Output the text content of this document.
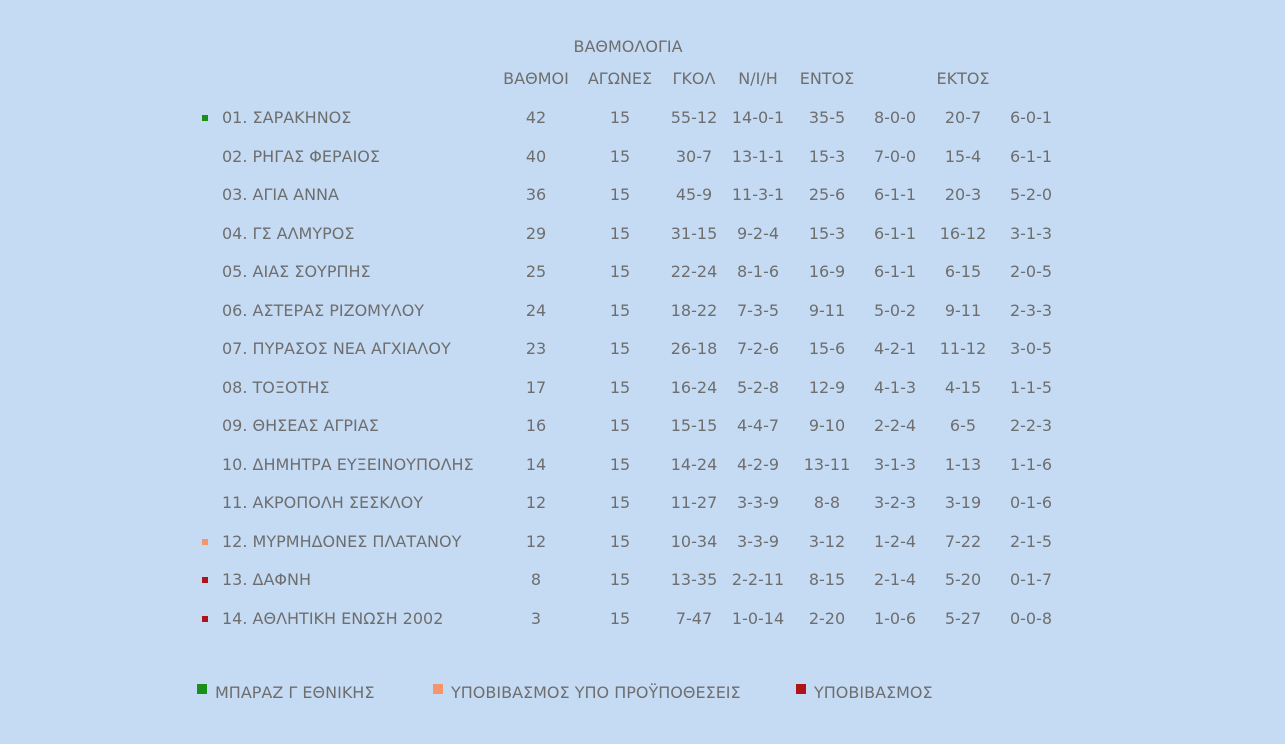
ΒΑΘΜΟΛΟΓΙΑ
ΒΑΘΜΟΙ ΑΓΩΝΕΣ ΓΚΟΛ Ν/Ι/Η ΕΝΤΟΣ	ΕΚΤΟΣ
01. ΣΑΡΑΚΗΝΟΣ	42	15	55-12 14-0-1 35-5 8-0-0 20-7 6-0-1
02. ΡΗΓΑΣ ΦΕΡΑΙΟΣ	40	15	30-7 13-1-1 15-3 7-0-0 15-4 6-1-1
03. ΑΓΙΑ ΑΝΝΑ	36	15	45-9 11-3-1 25-6 6-1-1 20-3 5-2-0
04. ΓΣ ΑΛΜΥΡΟΣ	29	15	31-15 9-2-4 15-3 6-1-1 16-12 3-1-3
05. ΑΙΑΣ ΣΟΥΡΠΗΣ	25	15	22-24 8-1-6 16-9 6-1-1 6-15 2-0-5
06. ΑΣΤΕΡΑΣ ΡΙΖΟΜΥΛΟΥ	24	15	18-22 7-3-5 9-11 5-0-2 9-11 2-3-3
07. ΠΥΡΑΣΟΣ ΝΕΑ ΑΓΧΙΑΛΟΥ	23	15	26-18 7-2-6 15-6 4-2-1 11-12 3-0-5
08. ΤΟΞΟΤΗΣ	17	15	16-24 5-2-8 12-9 4-1-3 4-15 1-1-5
09. ΘΗΣΕΑΣ ΑΓΡΙΑΣ	16	15	15-15 4-4-7 9-10 2-2-4 6-5 2-2-3
10. ΔΗΜΗΤΡΑ ΕΥΞΕΙΝΟΥΠΟΛΗΣ	14	15	14-24 4-2-9 13-11 3-1-3 1-13 1-1-6
11. ΑΚΡΟΠΟΛΗ ΣΕΣΚΛΟΥ	12	15	11-27 3-3-9 8-8 3-2-3 3-19 0-1-6
12. ΜΥΡΜΗΔΟΝΕΣ ΠΛΑΤΑΝΟΥ	12	15	10-34 3-3-9 3-12 1-2-4 7-22 2-1-5
13. ΔΑΦΝΗ	8	15	13-35 2-2-11 8-15 2-1-4 5-20 0-1-7
14. ΑΘΛΗΤΙΚΗ ΕΝΩΣΗ 2002	3	15	7-47 1-0-14 2-20 1-0-6 5-27 0-0-8
ΜΠΑΡΑΖ Γ ΕΘΝΙΚΗΣ	ΥΠΟΒΙΒΑΣΜΟΣ ΥΠΟ ΠΡΟΫΠΟΘΕΣΕΙΣ	ΥΠΟΒΙΒΑΣΜΟΣ
